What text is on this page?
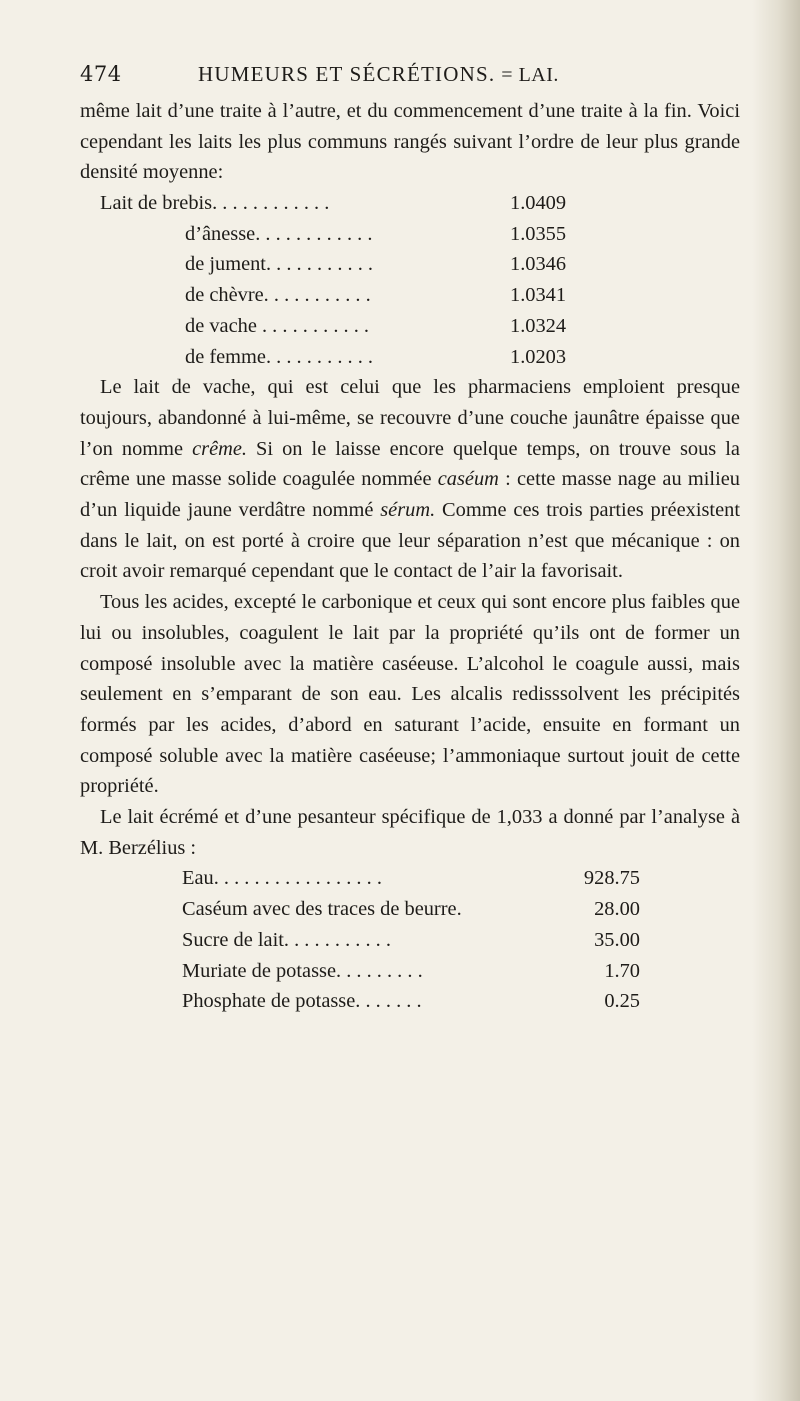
474	HUMEURS ET SÉCRÉTIONS. = LAI.

même lait d’une traite à l’autre, et du commencement d’une traite à la fin. Voici cependant les laits les plus communs rangés suivant l’ordre de leur plus grande densité moyenne:

Lait de brebis. . . . . . . . . . . .	1.0409
d’ânesse. . . . . . . . . . . .	1.0355
de jument. . . . . . . . . . .	1.0346
de chèvre. . . . . . . . . . .	1.0341
de vache . . . . . . . . . . .	1.0324
de femme. . . . . . . . . . .	1.0203

Le lait de vache, qui est celui que les pharmaciens emploient presque toujours, abandonné à lui-même, se recouvre d’une couche jaunâtre épaisse que l’on nomme crême. Si on le laisse encore quelque temps, on trouve sous la crême une masse solide coagulée nommée caséum : cette masse nage au milieu d’un liquide jaune verdâtre nommé sérum. Comme ces trois parties préexistent dans le lait, on est porté à croire que leur séparation n’est que mécanique : on croit avoir remarqué cependant que le contact de l’air la favorisait.

Tous les acides, excepté le carbonique et ceux qui sont encore plus faibles que lui ou insolubles, coagulent le lait par la propriété qu’ils ont de former un composé insoluble avec la matière caséeuse. L’alcohol le coagule aussi, mais seulement en s’emparant de son eau. Les alcalis redisssolvent les précipités formés par les acides, d’abord en saturant l’acide, ensuite en formant un composé soluble avec la matière caséeuse; l’ammoniaque surtout jouit de cette propriété.

Le lait écrémé et d’une pesanteur spécifique de 1,033 a donné par l’analyse à M. Berzélius :

Eau. . . . . . . . . . . . . . . . .	928.75
Caséum avec des traces de beurre.	28.00
Sucre de lait. . . . . . . . . . .	35.00
Muriate de potasse. . . . . . . . .	1.70
Phosphate de potasse. . . . . . .	0.25
